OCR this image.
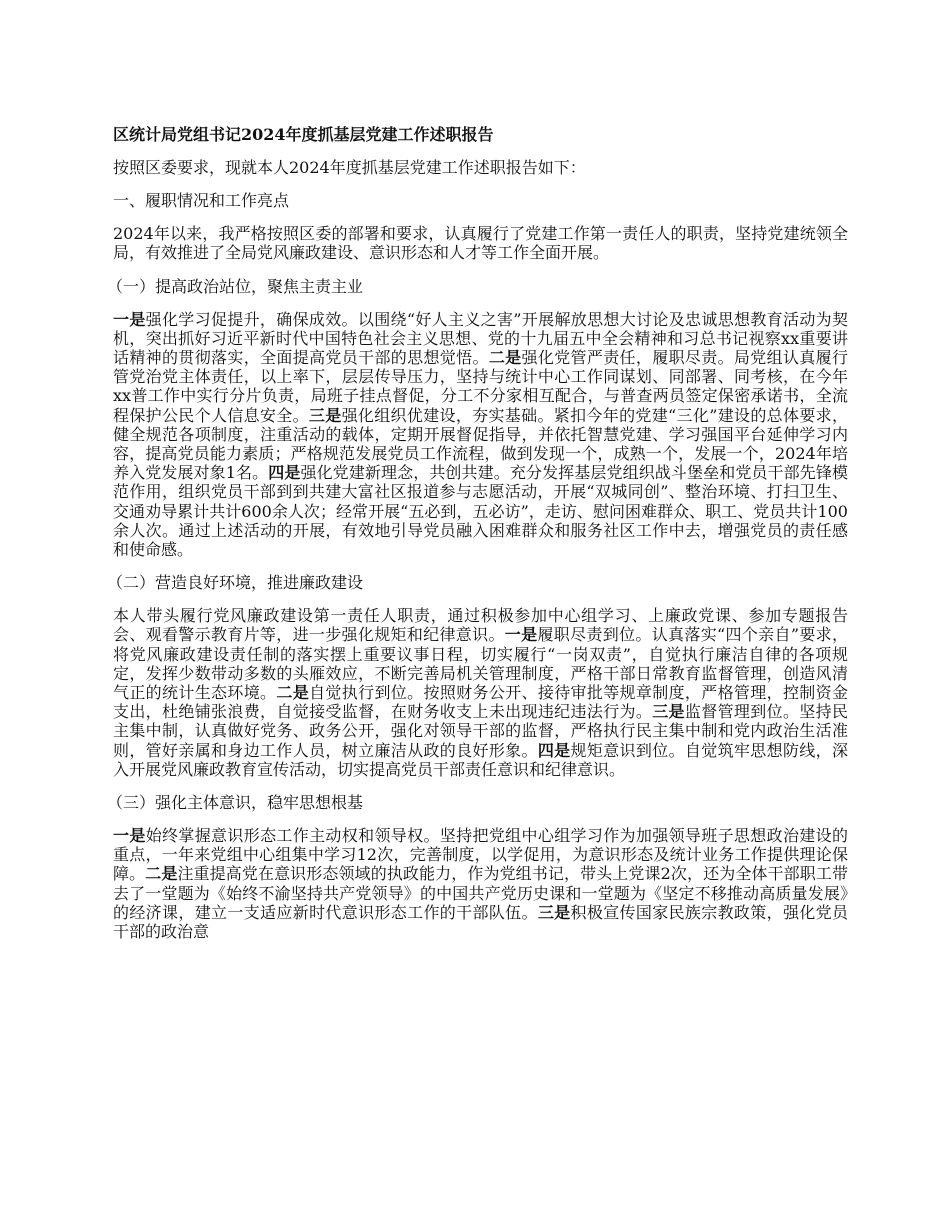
区统计局党组书记2024年度抓基层党建工作述职报告
按照区委要求，现就本人2024年度抓基层党建工作述职报告如下：
一、履职情况和工作亮点
2024年以来，我严格按照区委的部署和要求，认真履行了党建工作第一责任人的职责，坚持党建统领全局，有效推进了全局党风廉政建设、意识形态和人才等工作全面开展。
（一）提高政治站位，聚焦主责主业
一是强化学习促提升，确保成效。以围绕“好人主义之害”开展解放思想大讨论及忠诚思想教育活动为契机，突出抓好习近平新时代中国特色社会主义思想、党的十九届五中全会精神和习总书记视察xx重要讲话精神的贯彻落实，全面提高党员干部的思想觉悟。二是强化党管严责任，履职尽责。局党组认真履行管党治党主体责任，以上率下，层层传导压力，坚持与统计中心工作同谋划、同部署、同考核，在今年xx普工作中实行分片负责，局班子挂点督促，分工不分家相互配合，与普查两员签定保密承诺书，全流程保护公民个人信息安全。三是强化组织优建设，夯实基础。紧扣今年的党建“三化”建设的总体要求，健全规范各项制度，注重活动的载体，定期开展督促指导，并依托智慧党建、学习强国平台延伸学习内容，提高党员能力素质；严格规范发展党员工作流程，做到发现一个，成熟一个，发展一个，2024年培养入党发展对象1名。四是强化党建新理念，共创共建。充分发挥基层党组织战斗堡垒和党员干部先锋模范作用，组织党员干部到到共建大富社区报道参与志愿活动，开展“双城同创”、整治环境、打扫卫生、交通劝导累计共计600余人次；经常开展“五必到，五必访”，走访、慰问困难群众、职工、党员共计100余人次。通过上述活动的开展，有效地引导党员融入困难群众和服务社区工作中去，增强党员的责任感和使命感。
（二）营造良好环境，推进廉政建设
本人带头履行党风廉政建设第一责任人职责，通过积极参加中心组学习、上廉政党课、参加专题报告会、观看警示教育片等，进一步强化规矩和纪律意识。一是履职尽责到位。认真落实“四个亲自”要求，将党风廉政建设责任制的落实摆上重要议事日程，切实履行“一岗双责”，自觉执行廉洁自律的各项规定，发挥少数带动多数的头雁效应，不断完善局机关管理制度，严格干部日常教育监督管理，创造风清气正的统计生态环境。二是自觉执行到位。按照财务公开、接待审批等规章制度，严格管理，控制资金支出，杜绝铺张浪费，自觉接受监督，在财务收支上未出现违纪违法行为。三是监督管理到位。坚持民主集中制，认真做好党务、政务公开，强化对领导干部的监督，严格执行民主集中制和党内政治生活准则，管好亲属和身边工作人员，树立廉洁从政的良好形象。四是规矩意识到位。自觉筑牢思想防线，深入开展党风廉政教育宣传活动，切实提高党员干部责任意识和纪律意识。
（三）强化主体意识，稳牢思想根基
一是始终掌握意识形态工作主动权和领导权。坚持把党组中心组学习作为加强领导班子思想政治建设的重点，一年来党组中心组集中学习12次，完善制度，以学促用，为意识形态及统计业务工作提供理论保障。二是注重提高党在意识形态领域的执政能力，作为党组书记，带头上党课2次，还为全体干部职工带去了一堂题为《始终不渝坚持共产党领导》的中国共产党历史课和一堂题为《坚定不移推动高质量发展》的经济课，建立一支适应新时代意识形态工作的干部队伍。三是积极宣传国家民族宗教政策，强化党员干部的政治意
